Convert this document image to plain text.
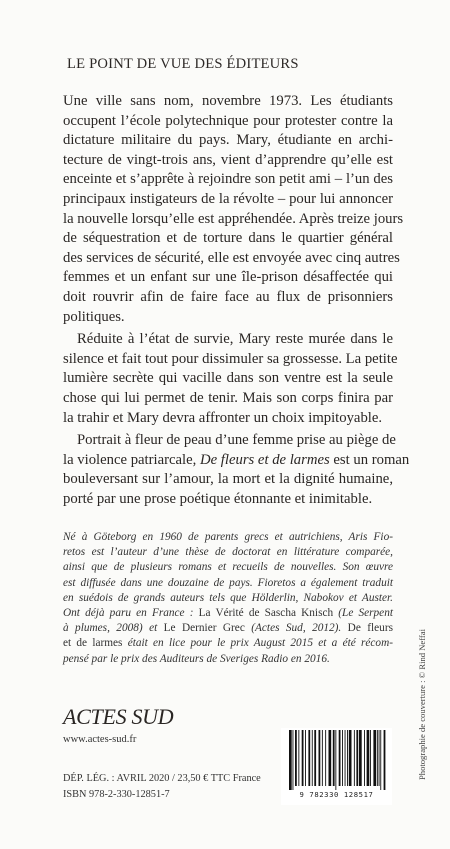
LE POINT DE VUE DES ÉDITEURS

Une ville sans nom, novembre 1973. Les étudiants
occupent l’école polytechnique pour protester contre la
dictature militaire du pays. Mary, étudiante en archi-
tecture de vingt-trois ans, vient d’apprendre qu’elle est
enceinte et s’apprête à rejoindre son petit ami – l’un des
principaux instigateurs de la révolte – pour lui annoncer
la nouvelle lorsqu’elle est appréhendée. Après treize jours
de séquestration et de torture dans le quartier général
des services de sécurité, elle est envoyée avec cinq autres
femmes et un enfant sur une île-prison désaffectée qui
doit rouvrir afin de faire face au flux de prisonniers
politiques.

Réduite à l’état de survie, Mary reste murée dans le
silence et fait tout pour dissimuler sa grossesse. La petite
lumière secrète qui vacille dans son ventre est la seule
chose qui lui permet de tenir. Mais son corps finira par
la trahir et Mary devra affronter un choix impitoyable.

Portrait à fleur de peau d’une femme prise au piège de
la violence patriarcale, De fleurs et de larmes est un roman
bouleversant sur l’amour, la mort et la dignité humaine,
porté par une prose poétique étonnante et inimitable.

Né à Göteborg en 1960 de parents grecs et autrichiens, Aris Fio-
retos est l’auteur d’une thèse de doctorat en littérature comparée,
ainsi que de plusieurs romans et recueils de nouvelles. Son œuvre
est diffusée dans une douzaine de pays. Fioretos a également traduit
en suédois de grands auteurs tels que Hölderlin, Nabokov et Auster.
Ont déjà paru en France : La Vérité de Sascha Knisch (Le Serpent
à plumes, 2008) et Le Dernier Grec (Actes Sud, 2012). De fleurs
et de larmes était en lice pour le prix August 2015 et a été récom-
pensé par le prix des Auditeurs de Sveriges Radio en 2016.	Photographie de couverture : © Rind Neffai
ACTES SUD
www.actes-sud.fr
DÉP. LÉG. : AVRIL 2020 / 23,50 € TTC France
ISBN 978-2-330-12851-7	9 782330 128517
